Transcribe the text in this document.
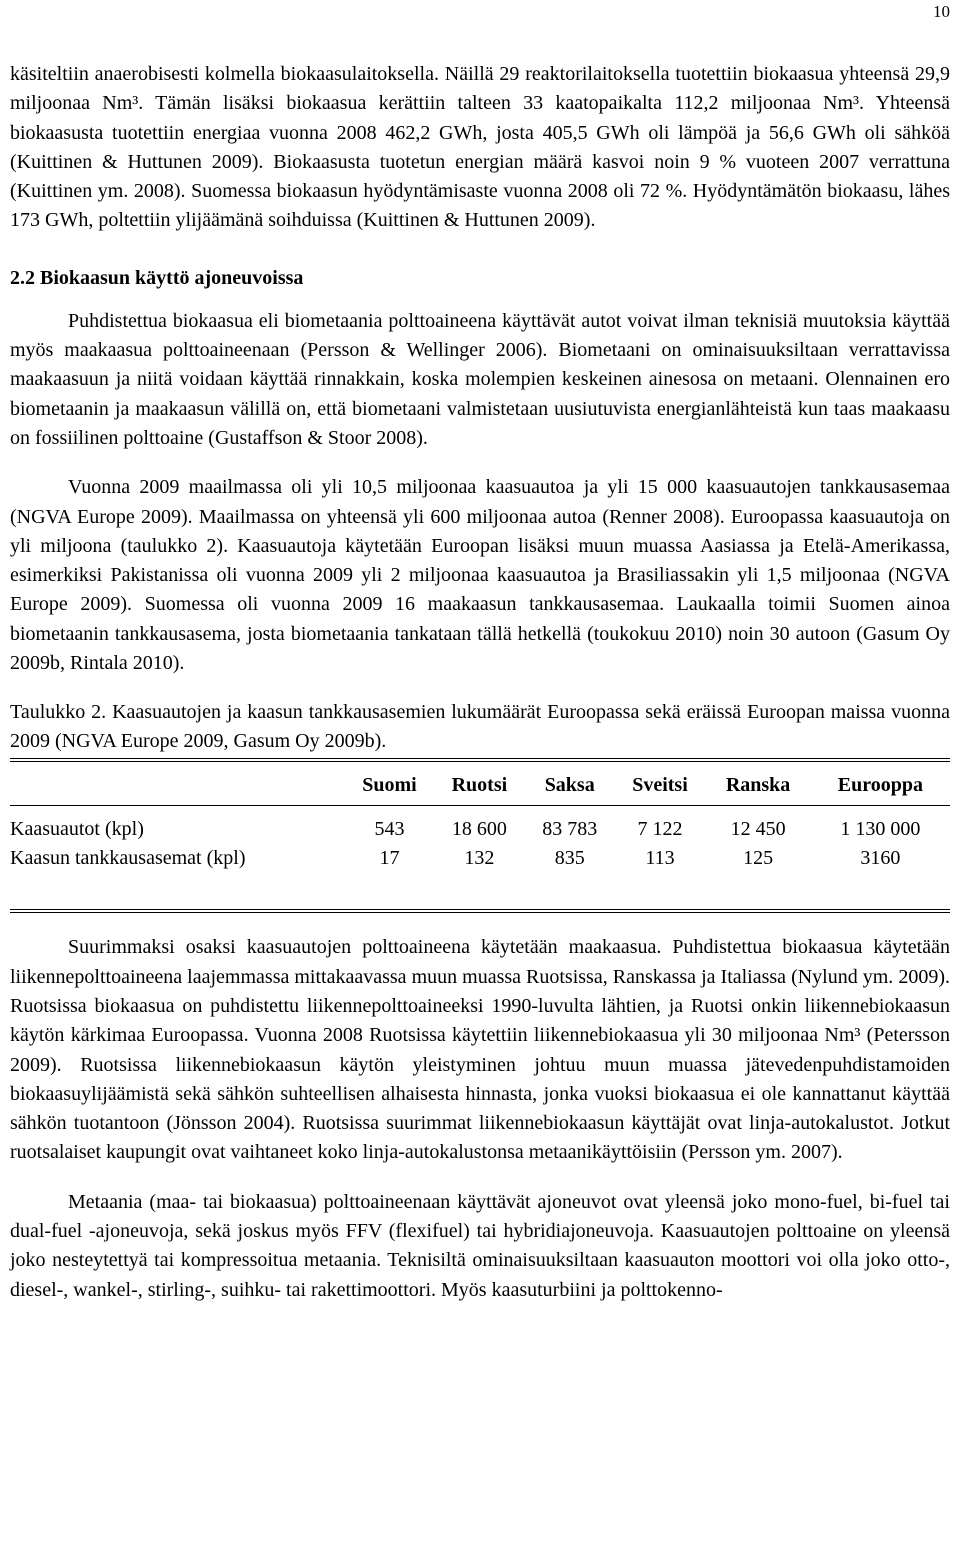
10

käsiteltiin anaerobisesti kolmella biokaasulaitoksella. Näillä 29 reaktorilaitoksella tuotettiin biokaasua yhteensä 29,9 miljoonaa Nm³. Tämän lisäksi biokaasua kerättiin talteen 33 kaatopaikalta 112,2 miljoonaa Nm³. Yhteensä biokaasusta tuotettiin energiaa vuonna 2008 462,2 GWh, josta 405,5 GWh oli lämpöä ja 56,6 GWh oli sähköä (Kuittinen & Huttunen 2009). Biokaasusta tuotetun energian määrä kasvoi noin 9 % vuoteen 2007 verrattuna (Kuittinen ym. 2008). Suomessa biokaasun hyödyntämisaste vuonna 2008 oli 72 %. Hyödyntämätön biokaasu, lähes 173 GWh, poltettiin ylijäämänä soihduissa (Kuittinen & Huttunen 2009).

2.2 Biokaasun käyttö ajoneuvoissa

Puhdistettua biokaasua eli biometaania polttoaineena käyttävät autot voivat ilman teknisiä muutoksia käyttää myös maakaasua polttoaineenaan (Persson & Wellinger 2006). Biometaani on ominaisuuksiltaan verrattavissa maakaasuun ja niitä voidaan käyttää rinnakkain, koska molempien keskeinen ainesosa on metaani. Olennainen ero biometaanin ja maakaasun välillä on, että biometaani valmistetaan uusiutuvista energianlähteistä kun taas maakaasu on fossiilinen polttoaine (Gustaffson & Stoor 2008).

Vuonna 2009 maailmassa oli yli 10,5 miljoonaa kaasuautoa ja yli 15 000 kaasuautojen tankkausasemaa (NGVA Europe 2009). Maailmassa on yhteensä yli 600 miljoonaa autoa (Renner 2008). Euroopassa kaasuautoja on yli miljoona (taulukko 2). Kaasuautoja käytetään Euroopan lisäksi muun muassa Aasiassa ja Etelä-Amerikassa, esimerkiksi Pakistanissa oli vuonna 2009 yli 2 miljoonaa kaasuautoa ja Brasiliassakin yli 1,5 miljoonaa (NGVA Europe 2009). Suomessa oli vuonna 2009 16 maakaasun tankkausasemaa. Laukaalla toimii Suomen ainoa biometaanin tankkausasema, josta biometaania tankataan tällä hetkellä (toukokuu 2010) noin 30 autoon (Gasum Oy 2009b, Rintala 2010).

Taulukko 2. Kaasuautojen ja kaasun tankkausasemien lukumäärät Euroopassa sekä eräissä Euroopan maissa vuonna 2009 (NGVA Europe 2009, Gasum Oy 2009b).

	Suomi	Ruotsi	Saksa	Sveitsi	Ranska	Eurooppa
Kaasuautot (kpl)	543	18 600	83 783	7 122	12 450	1 130 000
Kaasun tankkausasemat (kpl)	17	132	835	113	125	3160

Suurimmaksi osaksi kaasuautojen polttoaineena käytetään maakaasua. Puhdistettua biokaasua käytetään liikennepolttoaineena laajemmassa mittakaavassa muun muassa Ruotsissa, Ranskassa ja Italiassa (Nylund ym. 2009). Ruotsissa biokaasua on puhdistettu liikennepolttoaineeksi 1990-luvulta lähtien, ja Ruotsi onkin liikennebiokaasun käytön kärkimaa Euroopassa. Vuonna 2008 Ruotsissa käytettiin liikennebiokaasua yli 30 miljoonaa Nm³ (Petersson 2009). Ruotsissa liikennebiokaasun käytön yleistyminen johtuu muun muassa jätevedenpuhdistamoiden biokaasuylijäämistä sekä sähkön suhteellisen alhaisesta hinnasta, jonka vuoksi biokaasua ei ole kannattanut käyttää sähkön tuotantoon (Jönsson 2004). Ruotsissa suurimmat liikennebiokaasun käyttäjät ovat linja-autokalustot. Jotkut ruotsalaiset kaupungit ovat vaihtaneet koko linja-autokalustonsa metaanikäyttöisiin (Persson ym. 2007).

Metaania (maa- tai biokaasua) polttoaineenaan käyttävät ajoneuvot ovat yleensä joko mono-fuel, bi-fuel tai dual-fuel -ajoneuvoja, sekä joskus myös FFV (flexifuel) tai hybridiajoneuvoja. Kaasuautojen polttoaine on yleensä joko nesteytettyä tai kompressoitua metaania. Teknisiltä ominaisuuksiltaan kaasuauton moottori voi olla joko otto-, diesel-, wankel-, stirling-, suihku- tai rakettimoottori. Myös kaasuturbiini ja polttokenno-
